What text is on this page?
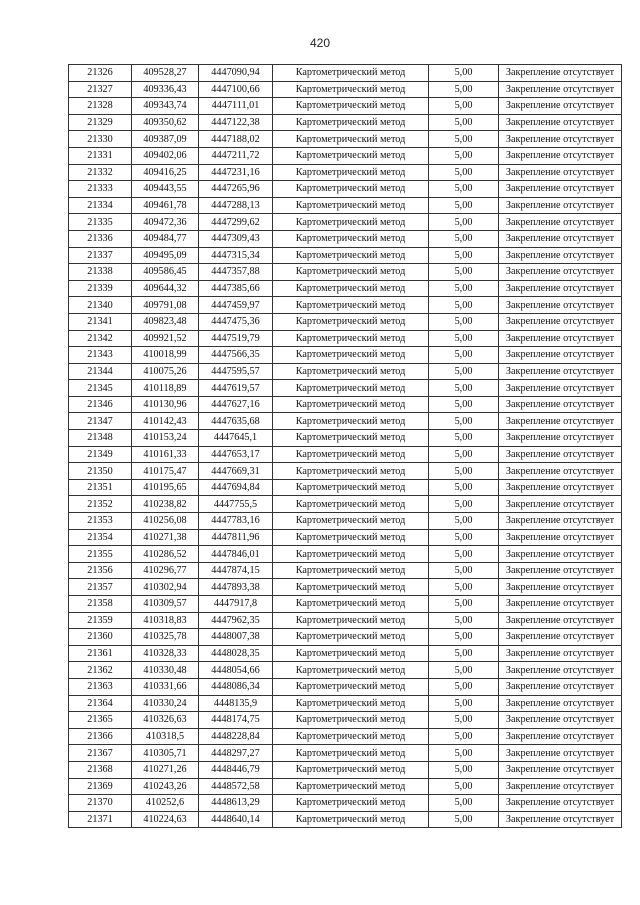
420
21326	409528,27	4447090,94	Картометрический метод	5,00	Закрепление отсутствует
21327	409336,43	4447100,66	Картометрический метод	5,00	Закрепление отсутствует
21328	409343,74	4447111,01	Картометрический метод	5,00	Закрепление отсутствует
21329	409350,62	4447122,38	Картометрический метод	5,00	Закрепление отсутствует
21330	409387,09	4447188,02	Картометрический метод	5,00	Закрепление отсутствует
21331	409402,06	4447211,72	Картометрический метод	5,00	Закрепление отсутствует
21332	409416,25	4447231,16	Картометрический метод	5,00	Закрепление отсутствует
21333	409443,55	4447265,96	Картометрический метод	5,00	Закрепление отсутствует
21334	409461,78	4447288,13	Картометрический метод	5,00	Закрепление отсутствует
21335	409472,36	4447299,62	Картометрический метод	5,00	Закрепление отсутствует
21336	409484,77	4447309,43	Картометрический метод	5,00	Закрепление отсутствует
21337	409495,09	4447315,34	Картометрический метод	5,00	Закрепление отсутствует
21338	409586,45	4447357,88	Картометрический метод	5,00	Закрепление отсутствует
21339	409644,32	4447385,66	Картометрический метод	5,00	Закрепление отсутствует
21340	409791,08	4447459,97	Картометрический метод	5,00	Закрепление отсутствует
21341	409823,48	4447475,36	Картометрический метод	5,00	Закрепление отсутствует
21342	409921,52	4447519,79	Картометрический метод	5,00	Закрепление отсутствует
21343	410018,99	4447566,35	Картометрический метод	5,00	Закрепление отсутствует
21344	410075,26	4447595,57	Картометрический метод	5,00	Закрепление отсутствует
21345	410118,89	4447619,57	Картометрический метод	5,00	Закрепление отсутствует
21346	410130,96	4447627,16	Картометрический метод	5,00	Закрепление отсутствует
21347	410142,43	4447635,68	Картометрический метод	5,00	Закрепление отсутствует
21348	410153,24	4447645,1	Картометрический метод	5,00	Закрепление отсутствует
21349	410161,33	4447653,17	Картометрический метод	5,00	Закрепление отсутствует
21350	410175,47	4447669,31	Картометрический метод	5,00	Закрепление отсутствует
21351	410195,65	4447694,84	Картометрический метод	5,00	Закрепление отсутствует
21352	410238,82	4447755,5	Картометрический метод	5,00	Закрепление отсутствует
21353	410256,08	4447783,16	Картометрический метод	5,00	Закрепление отсутствует
21354	410271,38	4447811,96	Картометрический метод	5,00	Закрепление отсутствует
21355	410286,52	4447846,01	Картометрический метод	5,00	Закрепление отсутствует
21356	410296,77	4447874,15	Картометрический метод	5,00	Закрепление отсутствует
21357	410302,94	4447893,38	Картометрический метод	5,00	Закрепление отсутствует
21358	410309,57	4447917,8	Картометрический метод	5,00	Закрепление отсутствует
21359	410318,83	4447962,35	Картометрический метод	5,00	Закрепление отсутствует
21360	410325,78	4448007,38	Картометрический метод	5,00	Закрепление отсутствует
21361	410328,33	4448028,35	Картометрический метод	5,00	Закрепление отсутствует
21362	410330,48	4448054,66	Картометрический метод	5,00	Закрепление отсутствует
21363	410331,66	4448086,34	Картометрический метод	5,00	Закрепление отсутствует
21364	410330,24	4448135,9	Картометрический метод	5,00	Закрепление отсутствует
21365	410326,63	4448174,75	Картометрический метод	5,00	Закрепление отсутствует
21366	410318,5	4448228,84	Картометрический метод	5,00	Закрепление отсутствует
21367	410305,71	4448297,27	Картометрический метод	5,00	Закрепление отсутствует
21368	410271,26	4448446,79	Картометрический метод	5,00	Закрепление отсутствует
21369	410243,26	4448572,58	Картометрический метод	5,00	Закрепление отсутствует
21370	410252,6	4448613,29	Картометрический метод	5,00	Закрепление отсутствует
21371	410224,63	4448640,14	Картометрический метод	5,00	Закрепление отсутствует
